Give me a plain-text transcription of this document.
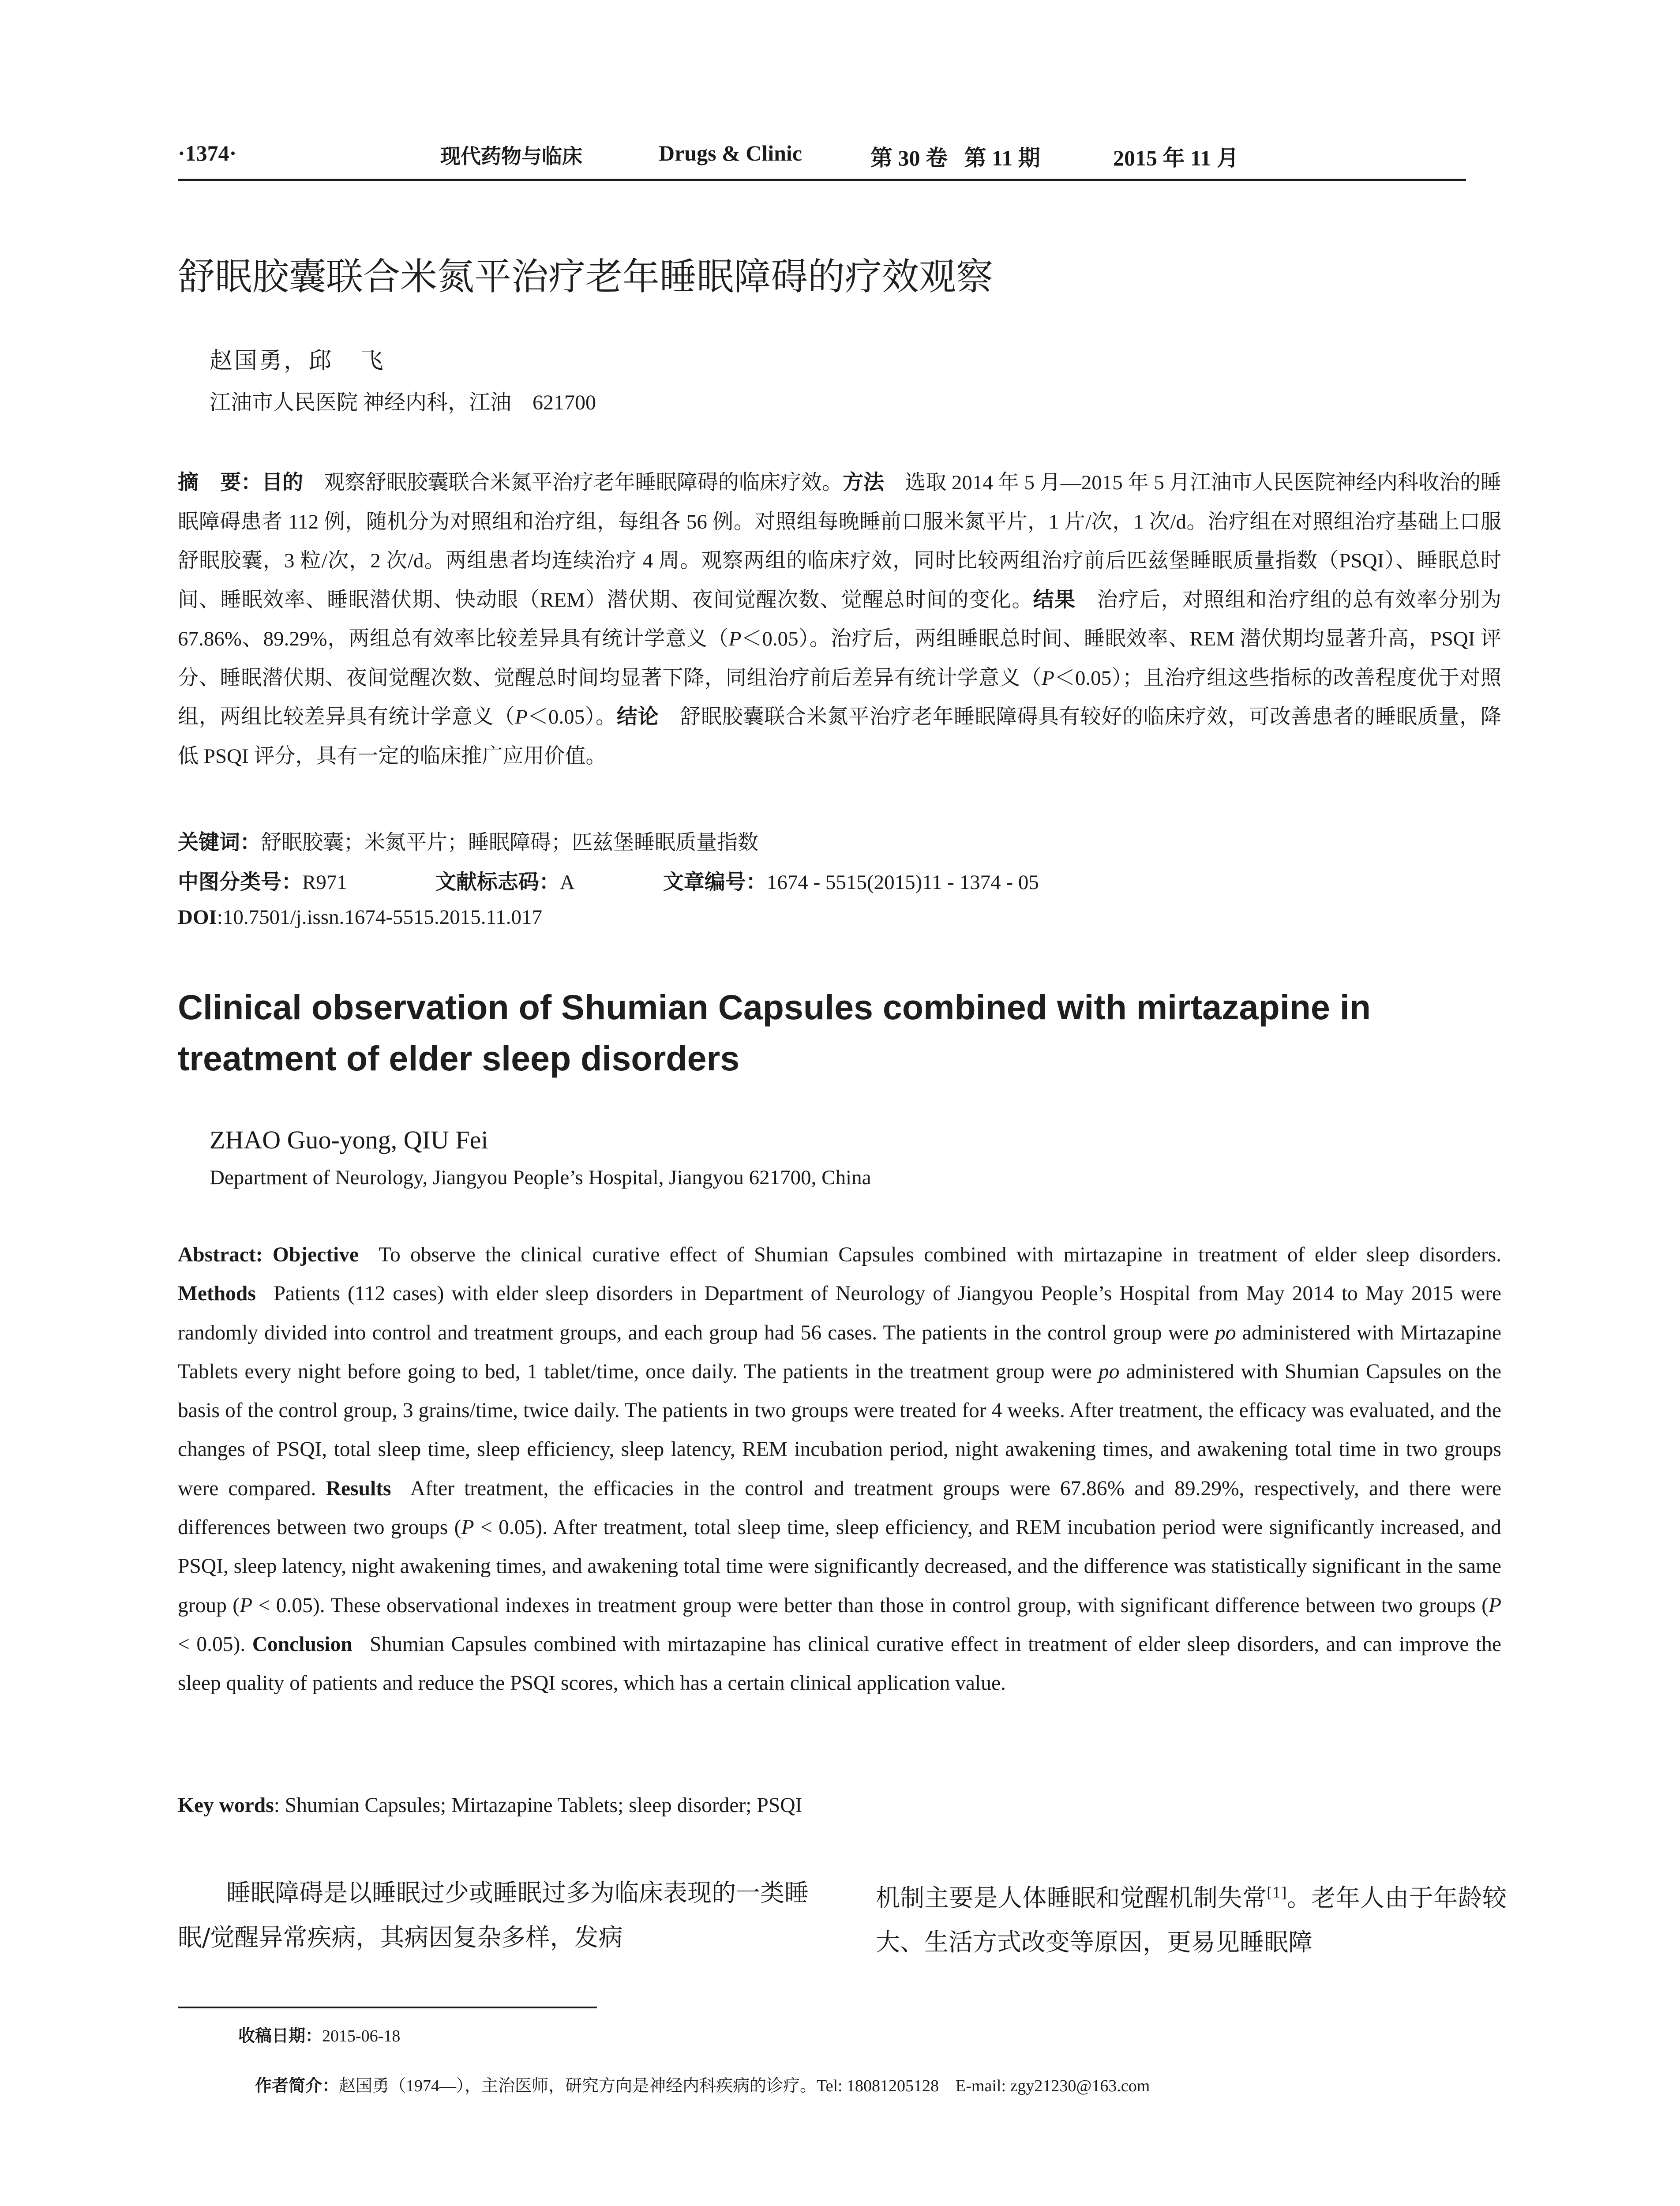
·1374·	现代药物与临床	Drugs & Clinic	第 30 卷   第 11 期	2015 年 11 月
舒眠胶囊联合米氮平治疗老年睡眠障碍的疗效观察
赵国勇，邱   飞
江油市人民医院 神经内科，江油    621700
摘   要：目的  观察舒眠胶囊联合米氮平治疗老年睡眠障碍的临床疗效。方法  选取 2014 年 5 月—2015 年 5 月江油市人民医院神经内科收治的睡眠障碍患者 112 例，随机分为对照组和治疗组，每组各 56 例。对照组每晚睡前口服米氮平片，1 片/次，1 次/d。治疗组在对照组治疗基础上口服舒眠胶囊，3 粒/次，2 次/d。两组患者均连续治疗 4 周。观察两组的临床疗效，同时比较两组治疗前后匹兹堡睡眠质量指数（PSQI）、睡眠总时间、睡眠效率、睡眠潜伏期、快动眼（REM）潜伏期、夜间觉醒次数、觉醒总时间的变化。结果  治疗后，对照组和治疗组的总有效率分别为 67.86%、89.29%，两组总有效率比较差异具有统计学意义（P＜0.05）。治疗后，两组睡眠总时间、睡眠效率、REM 潜伏期均显著升高，PSQI 评分、睡眠潜伏期、夜间觉醒次数、觉醒总时间均显著下降，同组治疗前后差异有统计学意义（P＜0.05）；且治疗组这些指标的改善程度优于对照组，两组比较差异具有统计学意义（P＜0.05）。结论  舒眠胶囊联合米氮平治疗老年睡眠障碍具有较好的临床疗效，可改善患者的睡眠质量，降低 PSQI 评分，具有一定的临床推广应用价值。
关键词：舒眠胶囊；米氮平片；睡眠障碍；匹兹堡睡眠质量指数
中图分类号：R971	文献标志码：A	文章编号：1674 - 5515(2015)11 - 1374 - 05
DOI:10.7501/j.issn.1674-5515.2015.11.017
Clinical observation of Shumian Capsules combined with mirtazapine in treatment of elder sleep disorders
ZHAO Guo-yong, QIU Fei
Department of Neurology, Jiangyou People’s Hospital, Jiangyou 621700, China
Abstract: Objective  To observe the clinical curative effect of Shumian Capsules combined with mirtazapine in treatment of elder sleep disorders. Methods  Patients (112 cases) with elder sleep disorders in Department of Neurology of Jiangyou People’s Hospital from May 2014 to May 2015 were randomly divided into control and treatment groups, and each group had 56 cases. The patients in the control group were po administered with Mirtazapine Tablets every night before going to bed, 1 tablet/time, once daily. The patients in the treatment group were po administered with Shumian Capsules on the basis of the control group, 3 grains/time, twice daily. The patients in two groups were treated for 4 weeks. After treatment, the efficacy was evaluated, and the changes of PSQI, total sleep time, sleep efficiency, sleep latency, REM incubation period, night awakening times, and awakening total time in two groups were compared. Results  After treatment, the efficacies in the control and treatment groups were 67.86% and 89.29%, respectively, and there were differences between two groups (P < 0.05). After treatment, total sleep time, sleep efficiency, and REM incubation period were significantly increased, and PSQI, sleep latency, night awakening times, and awakening total time were significantly decreased, and the difference was statistically significant in the same group (P < 0.05). These observational indexes in treatment group were better than those in control group, with significant difference between two groups (P < 0.05). Conclusion  Shumian Capsules combined with mirtazapine has clinical curative effect in treatment of elder sleep disorders, and can improve the sleep quality of patients and reduce the PSQI scores, which has a certain clinical application value.
Key words: Shumian Capsules; Mirtazapine Tablets; sleep disorder; PSQI
睡眠障碍是以睡眠过少或睡眠过多为临床表现的一类睡眠/觉醒异常疾病，其病因复杂多样，发病
机制主要是人体睡眠和觉醒机制失常[1]。老年人由于年龄较大、生活方式改变等原因，更易见睡眠障
收稿日期：2015-06-18

作者简介：赵国勇（1974—），主治医师，研究方向是神经内科疾病的诊疗。Tel: 18081205128    E-mail: zgy21230@163.com
